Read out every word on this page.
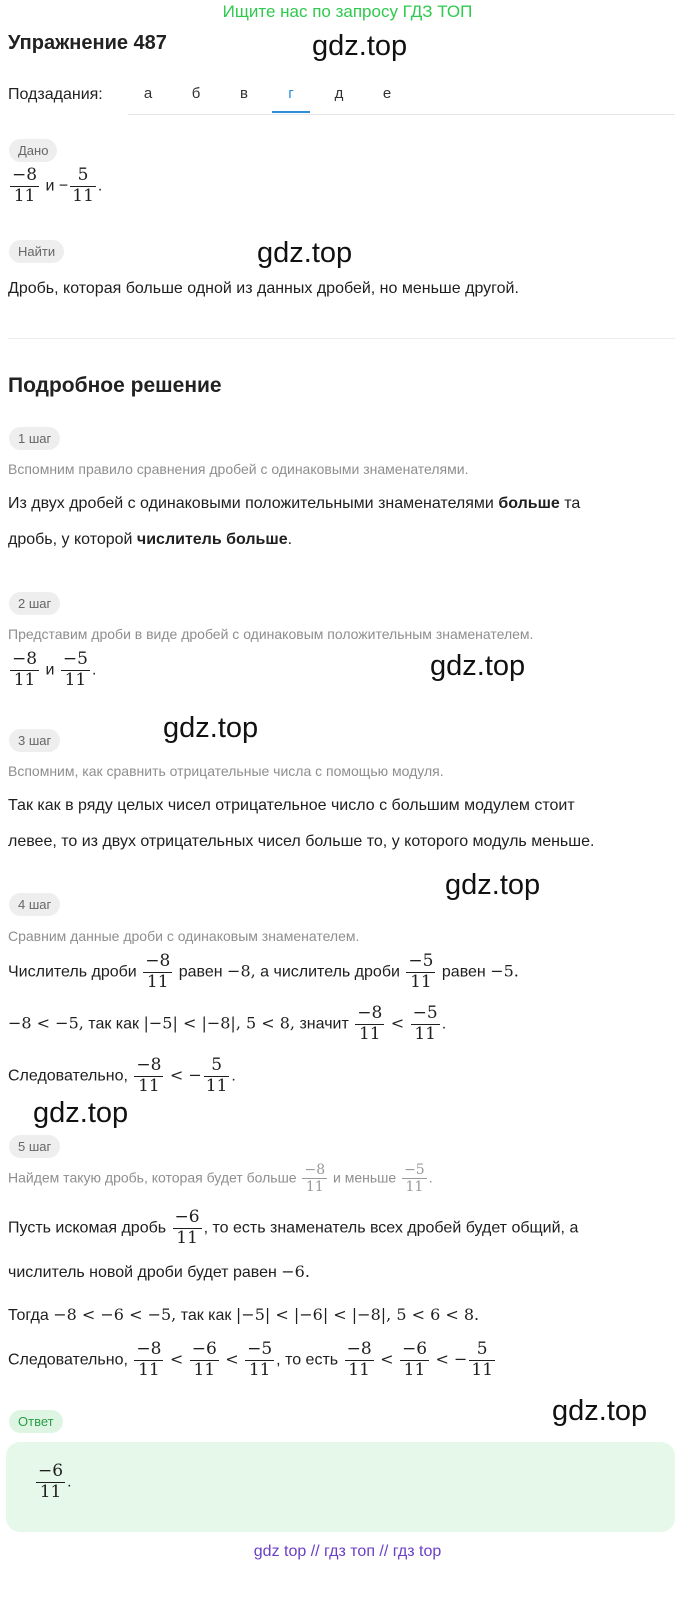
Ищите нас по запросу ГДЗ ТОП
Упражнение 487	gdz.top
gdz.top
gdz.top
gdz.top
gdz.top
gdz.top
gdz.top
Подзадания:	а	б	в	г	д	е
Дано
$\frac{-8}{11}$ $и - \frac{5}{11}$ .
Найти
Дробь, которая больше одной из данных дробей, но меньше другой.
Подробное решение
1 шаг
Вспомним правило сравнения дробей с одинаковыми знаменателями.
Из двух дробей с одинаковыми положительными знаменателями больше та
дробь, у которой числитель больше.
2 шаг
Представим дроби в виде дробей с одинаковым положительным знаменателем.
$\frac{-8}{11}$ и $\frac{-5}{11}$ .
3 шаг
Вспомним, как сравнить отрицательные числа с помощью модуля.
Так как в ряду целых чисел отрицательное число с большим модулем стоит
левее, то из двух отрицательных чисел больше то, у которого модуль меньше.
4 шаг
Сравним данные дроби с одинаковым знаменателем.
Числитель дроби $\frac{-8}{11}$ равен −8, а числитель дроби $\frac{-5}{11}$ равен −5.
−8 < −5, так как |−5| < |−8|, 5 < 8, значит $\frac{-8}{11} < \frac{-5}{11}$ .
Следовательно, $\frac{-8}{11}$ < − $\frac{5}{11}$ .
5 шаг
Найдем такую дробь, которая будет больше $\frac{-8}{11}$ и меньше $\frac{-5}{11}$ .
Пусть искомая дробь $\frac{-6}{11}$ , то есть знаменатель всех дробей будет общий, а
числитель новой дроби будет равен −6.
Тогда −8 < −6 < −5, так как |−5| < |−6| < |−8|, 5 < 6 < 8.
Следовательно, $\frac{-8}{11} < \frac{-6}{11} < \frac{-5}{11}$ , то есть $\frac{-8}{11} < \frac{-6}{11}$ < − $\frac{5}{11}$
Ответ
$\frac{-6}{11}$ .
gdz top // гдз топ // гдз top
